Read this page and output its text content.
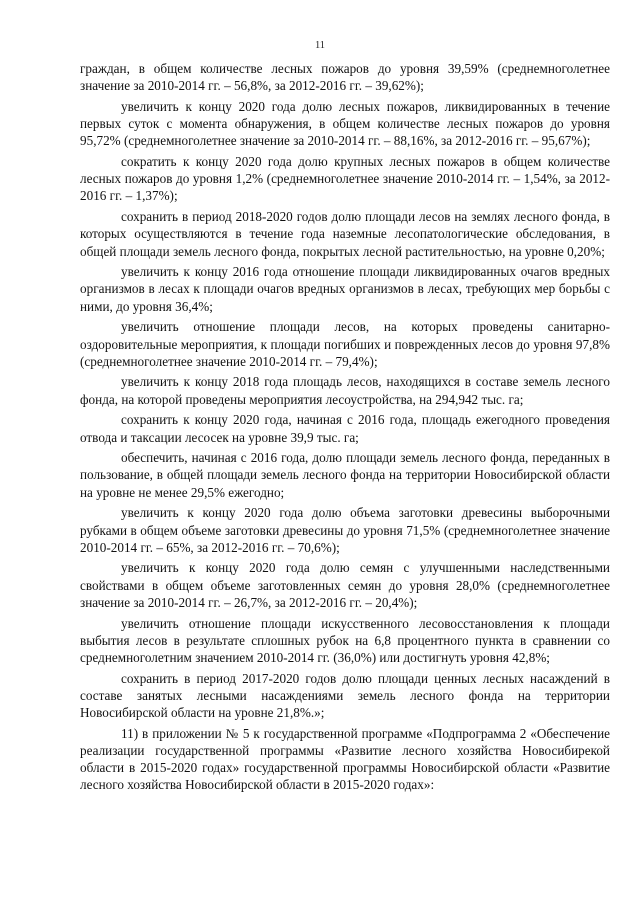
11

граждан, в общем количестве лесных пожаров до уровня 39,59% (среднемноголетнее значение за 2010-2014 гг. – 56,8%, за 2012-2016 гг. – 39,62%);

увеличить к концу 2020 года долю лесных пожаров, ликвидированных в течение первых суток с момента обнаружения, в общем количестве лесных пожаров до уровня 95,72% (среднемноголетнее значение за 2010-2014 гг. – 88,16%, за 2012-2016 гг. – 95,67%);

сократить к концу 2020 года долю крупных лесных пожаров в общем количестве лесных пожаров до уровня 1,2% (среднемноголетнее значение 2010-2014 гг. – 1,54%, за 2012-2016 гг. – 1,37%);

сохранить в период 2018-2020 годов долю площади лесов на землях лесного фонда, в которых осуществляются в течение года наземные лесопатологические обследования, в общей площади земель лесного фонда, покрытых лесной растительностью, на уровне 0,20%;

увеличить к концу 2016 года отношение площади ликвидированных очагов вредных организмов в лесах к площади очагов вредных организмов в лесах, требующих мер борьбы с ними, до уровня 36,4%;

увеличить отношение площади лесов, на которых проведены санитарно-оздоровительные мероприятия, к площади погибших и поврежденных лесов до уровня 97,8% (среднемноголетнее значение 2010-2014 гг. – 79,4%);

увеличить к концу 2018 года площадь лесов, находящихся в составе земель лесного фонда, на которой проведены мероприятия лесоустройства, на 294,942 тыс. га;

сохранить к концу 2020 года, начиная с 2016 года, площадь ежегодного проведения отвода и таксации лесосек на уровне 39,9 тыс. га;

обеспечить, начиная с 2016 года, долю площади земель лесного фонда, переданных в пользование, в общей площади земель лесного фонда на территории Новосибирской области на уровне не менее 29,5% ежегодно;

увеличить к концу 2020 года долю объема заготовки древесины выборочными рубками в общем объеме заготовки древесины до уровня 71,5% (среднемноголетнее значение 2010-2014 гг. – 65%, за 2012-2016 гг. – 70,6%);

увеличить к концу 2020 года долю семян с улучшенными наследственными свойствами в общем объеме заготовленных семян до уровня 28,0% (среднемноголетнее значение за 2010-2014 гг. – 26,7%, за 2012-2016 гг. – 20,4%);

увеличить отношение площади искусственного лесовосстановления к площади выбытия лесов в результате сплошных рубок на 6,8 процентного пункта в сравнении со среднемноголетним значением 2010-2014 гг. (36,0%) или достигнуть уровня 42,8%;

сохранить в период 2017-2020 годов долю площади ценных лесных насаждений в составе занятых лесными насаждениями земель лесного фонда на территории Новосибирской области на уровне 21,8%.»;

11) в приложении № 5 к государственной программе «Подпрограмма 2 «Обеспечение реализации государственной программы «Развитие лесного хозяйства Новосибирекой области в 2015-2020 годах» государственной программы Новосибирской области «Развитие лесного хозяйства Новосибирской области в 2015-2020 годах»:
